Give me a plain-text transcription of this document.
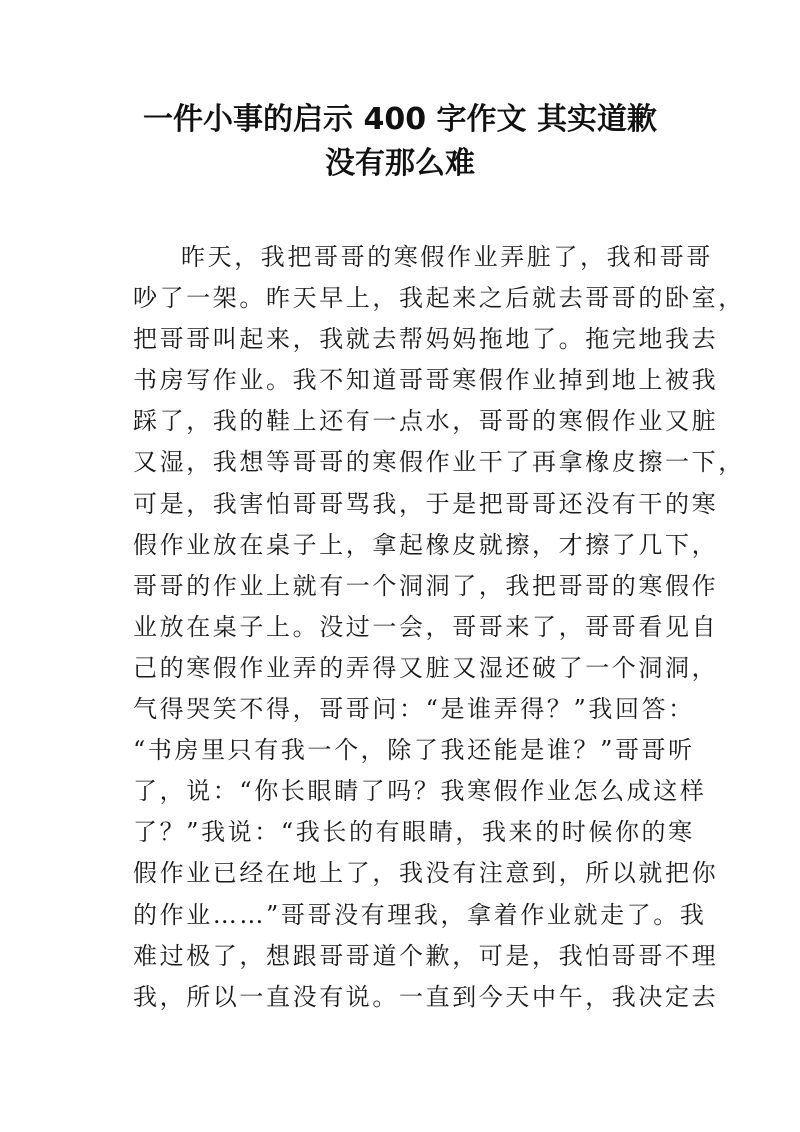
一件小事的启示 400 字作文 其实道歉
没有那么难
昨天，我把哥哥的寒假作业弄脏了，我和哥哥
吵了一架。昨天早上，我起来之后就去哥哥的卧室，
把哥哥叫起来，我就去帮妈妈拖地了。拖完地我去
书房写作业。我不知道哥哥寒假作业掉到地上被我
踩了，我的鞋上还有一点水，哥哥的寒假作业又脏
又湿，我想等哥哥的寒假作业干了再拿橡皮擦一下，
可是，我害怕哥哥骂我，于是把哥哥还没有干的寒
假作业放在桌子上，拿起橡皮就擦，才擦了几下，
哥哥的作业上就有一个洞洞了，我把哥哥的寒假作
业放在桌子上。没过一会，哥哥来了，哥哥看见自
己的寒假作业弄的弄得又脏又湿还破了一个洞洞，
气得哭笑不得，哥哥问：“是谁弄得？”我回答：
“书房里只有我一个，除了我还能是谁？”哥哥听
了，说：“你长眼睛了吗？我寒假作业怎么成这样
了？”我说：“我长的有眼睛，我来的时候你的寒
假作业已经在地上了，我没有注意到，所以就把你
的作业……”哥哥没有理我，拿着作业就走了。我
难过极了，想跟哥哥道个歉，可是，我怕哥哥不理
我，所以一直没有说。一直到今天中午，我决定去
